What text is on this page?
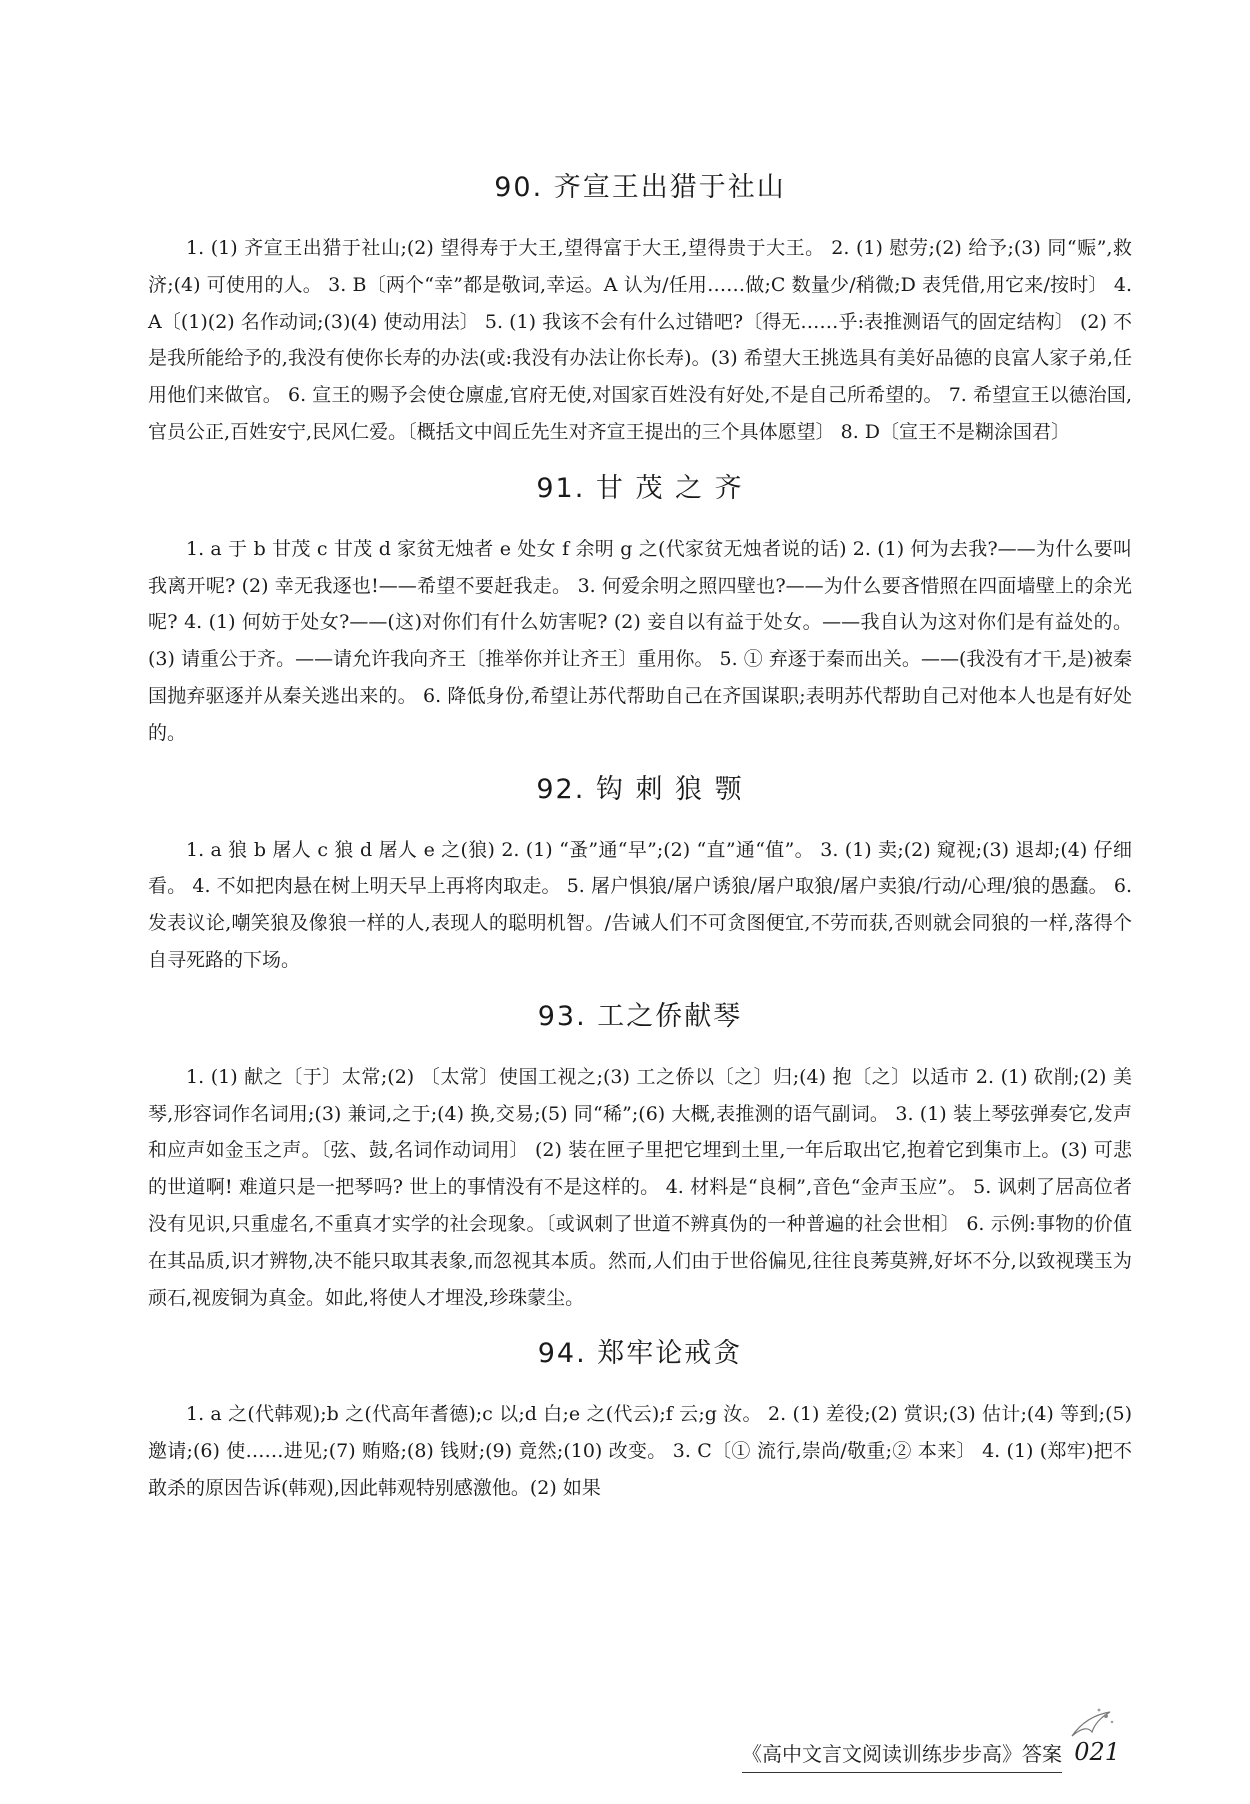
90. 齐宣王出猎于社山

1. (1) 齐宣王出猎于社山;(2) 望得寿于大王,望得富于大王,望得贵于大王。 2. (1) 慰劳;(2) 给予;(3) 同“赈”,救济;(4) 可使用的人。 3. B〔两个“幸”都是敬词,幸运。A 认为/任用……做;C 数量少/稍微;D 表凭借,用它来/按时〕 4. A〔(1)(2) 名作动词;(3)(4) 使动用法〕 5. (1) 我该不会有什么过错吧?〔得无……乎:表推测语气的固定结构〕 (2) 不是我所能给予的,我没有使你长寿的办法(或:我没有办法让你长寿)。(3) 希望大王挑选具有美好品德的良富人家子弟,任用他们来做官。 6. 宣王的赐予会使仓廪虚,官府无使,对国家百姓没有好处,不是自己所希望的。 7. 希望宣王以德治国,官员公正,百姓安宁,民风仁爱。〔概括文中闾丘先生对齐宣王提出的三个具体愿望〕 8. D〔宣王不是糊涂国君〕

91. 甘 茂 之 齐

1. a 于 b 甘茂 c 甘茂 d 家贫无烛者 e 处女 f 余明 g 之(代家贫无烛者说的话) 2. (1) 何为去我?——为什么要叫我离开呢? (2) 幸无我逐也!——希望不要赶我走。 3. 何爱余明之照四壁也?——为什么要吝惜照在四面墙壁上的余光呢? 4. (1) 何妨于处女?——(这)对你们有什么妨害呢? (2) 妾自以有益于处女。——我自认为这对你们是有益处的。(3) 请重公于齐。——请允许我向齐王〔推举你并让齐王〕重用你。 5. ① 弃逐于秦而出关。——(我没有才干,是)被秦国抛弃驱逐并从秦关逃出来的。 6. 降低身份,希望让苏代帮助自己在齐国谋职;表明苏代帮助自己对他本人也是有好处的。

92. 钩 刺 狼 颚

1. a 狼 b 屠人 c 狼 d 屠人 e 之(狼) 2. (1) “蚤”通“早”;(2) “直”通“值”。 3. (1) 卖;(2) 窥视;(3) 退却;(4) 仔细看。 4. 不如把肉悬在树上明天早上再将肉取走。 5. 屠户惧狼/屠户诱狼/屠户取狼/屠户卖狼/行动/心理/狼的愚蠢。 6. 发表议论,嘲笑狼及像狼一样的人,表现人的聪明机智。/告诫人们不可贪图便宜,不劳而获,否则就会同狼的一样,落得个自寻死路的下场。

93. 工之侨献琴

1. (1) 献之〔于〕太常;(2) 〔太常〕使国工视之;(3) 工之侨以〔之〕归;(4) 抱〔之〕以适市 2. (1) 砍削;(2) 美琴,形容词作名词用;(3) 兼词,之于;(4) 换,交易;(5) 同“稀”;(6) 大概,表推测的语气副词。 3. (1) 装上琴弦弹奏它,发声和应声如金玉之声。〔弦、鼓,名词作动词用〕 (2) 装在匣子里把它埋到土里,一年后取出它,抱着它到集市上。(3) 可悲的世道啊! 难道只是一把琴吗? 世上的事情没有不是这样的。 4. 材料是“良桐”,音色“金声玉应”。 5. 讽刺了居高位者没有见识,只重虚名,不重真才实学的社会现象。〔或讽刺了世道不辨真伪的一种普遍的社会世相〕 6. 示例:事物的价值在其品质,识才辨物,决不能只取其表象,而忽视其本质。然而,人们由于世俗偏见,往往良莠莫辨,好坏不分,以致视璞玉为顽石,视废铜为真金。如此,将使人才埋没,珍珠蒙尘。

94. 郑牢论戒贪

1. a 之(代韩观);b 之(代高年耆德);c 以;d 白;e 之(代云);f 云;g 汝。 2. (1) 差役;(2) 赏识;(3) 估计;(4) 等到;(5) 邀请;(6) 使……进见;(7) 贿赂;(8) 钱财;(9) 竟然;(10) 改变。 3. C〔① 流行,崇尚/敬重;② 本来〕 4. (1) (郑牢)把不敢杀的原因告诉(韩观),因此韩观特别感激他。(2) 如果

《高中文言文阅读训练步步高》答案 021
